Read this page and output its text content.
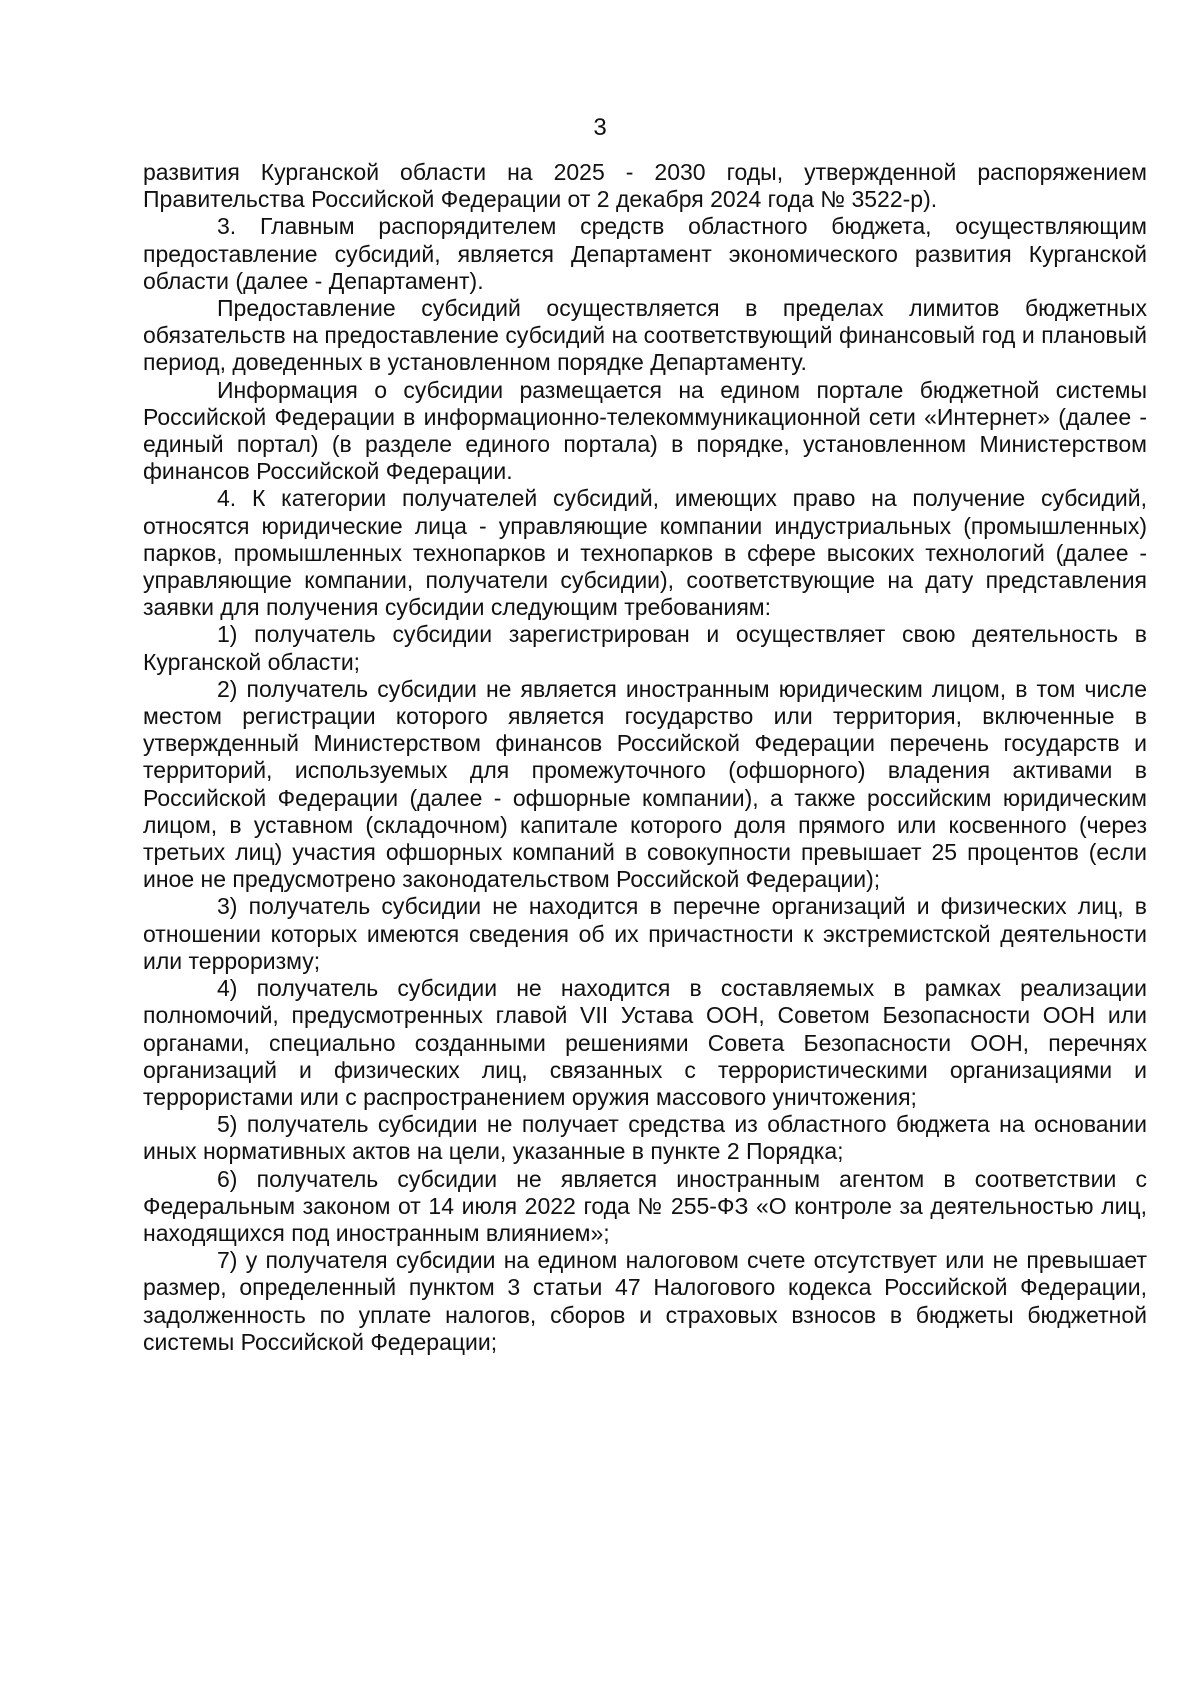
3

развития Курганской области на 2025 - 2030 годы, утвержденной распоряжением Правительства Российской Федерации от 2 декабря 2024 года № 3522-р).

3. Главным распорядителем средств областного бюджета, осуществляющим предоставление субсидий, является Департамент экономического развития Курганской области (далее - Департамент).

Предоставление субсидий осуществляется в пределах лимитов бюджетных обязательств на предоставление субсидий на соответствующий финансовый год и плановый период, доведенных в установленном порядке Департаменту.

Информация о субсидии размещается на едином портале бюджетной системы Российской Федерации в информационно-телекоммуникационной сети «Интернет» (далее - единый портал) (в разделе единого портала) в порядке, установленном Министерством финансов Российской Федерации.

4. К категории получателей субсидий, имеющих право на получение субсидий, относятся юридические лица - управляющие компании индустриальных (промышленных) парков, промышленных технопарков и технопарков в сфере высоких технологий (далее - управляющие компании, получатели субсидии), соответствующие на дату представления заявки для получения субсидии следующим требованиям:

1) получатель субсидии зарегистрирован и осуществляет свою деятельность в Курганской области;

2) получатель субсидии не является иностранным юридическим лицом, в том числе местом регистрации которого является государство или территория, включенные в утвержденный Министерством финансов Российской Федерации перечень государств и территорий, используемых для промежуточного (офшорного) владения активами в Российской Федерации (далее - офшорные компании), а также российским юридическим лицом, в уставном (складочном) капитале которого доля прямого или косвенного (через третьих лиц) участия офшорных компаний в совокупности превышает 25 процентов (если иное не предусмотрено законодательством Российской Федерации);

3) получатель субсидии не находится в перечне организаций и физических лиц, в отношении которых имеются сведения об их причастности к экстремистской деятельности или терроризму;

4) получатель субсидии не находится в составляемых в рамках реализации полномочий, предусмотренных главой VII Устава ООН, Советом Безопасности ООН или органами, специально созданными решениями Совета Безопасности ООН, перечнях организаций и физических лиц, связанных с террористическими организациями и террористами или с распространением оружия массового уничтожения;

5) получатель субсидии не получает средства из областного бюджета на основании иных нормативных актов на цели, указанные в пункте 2 Порядка;

6) получатель субсидии не является иностранным агентом в соответствии с Федеральным законом от 14 июля 2022 года № 255-ФЗ «О контроле за деятельностью лиц, находящихся под иностранным влиянием»;

7) у получателя субсидии на едином налоговом счете отсутствует или не превышает размер, определенный пунктом 3 статьи 47 Налогового кодекса Российской Федерации, задолженность по уплате налогов, сборов и страховых взносов в бюджеты бюджетной системы Российской Федерации;
